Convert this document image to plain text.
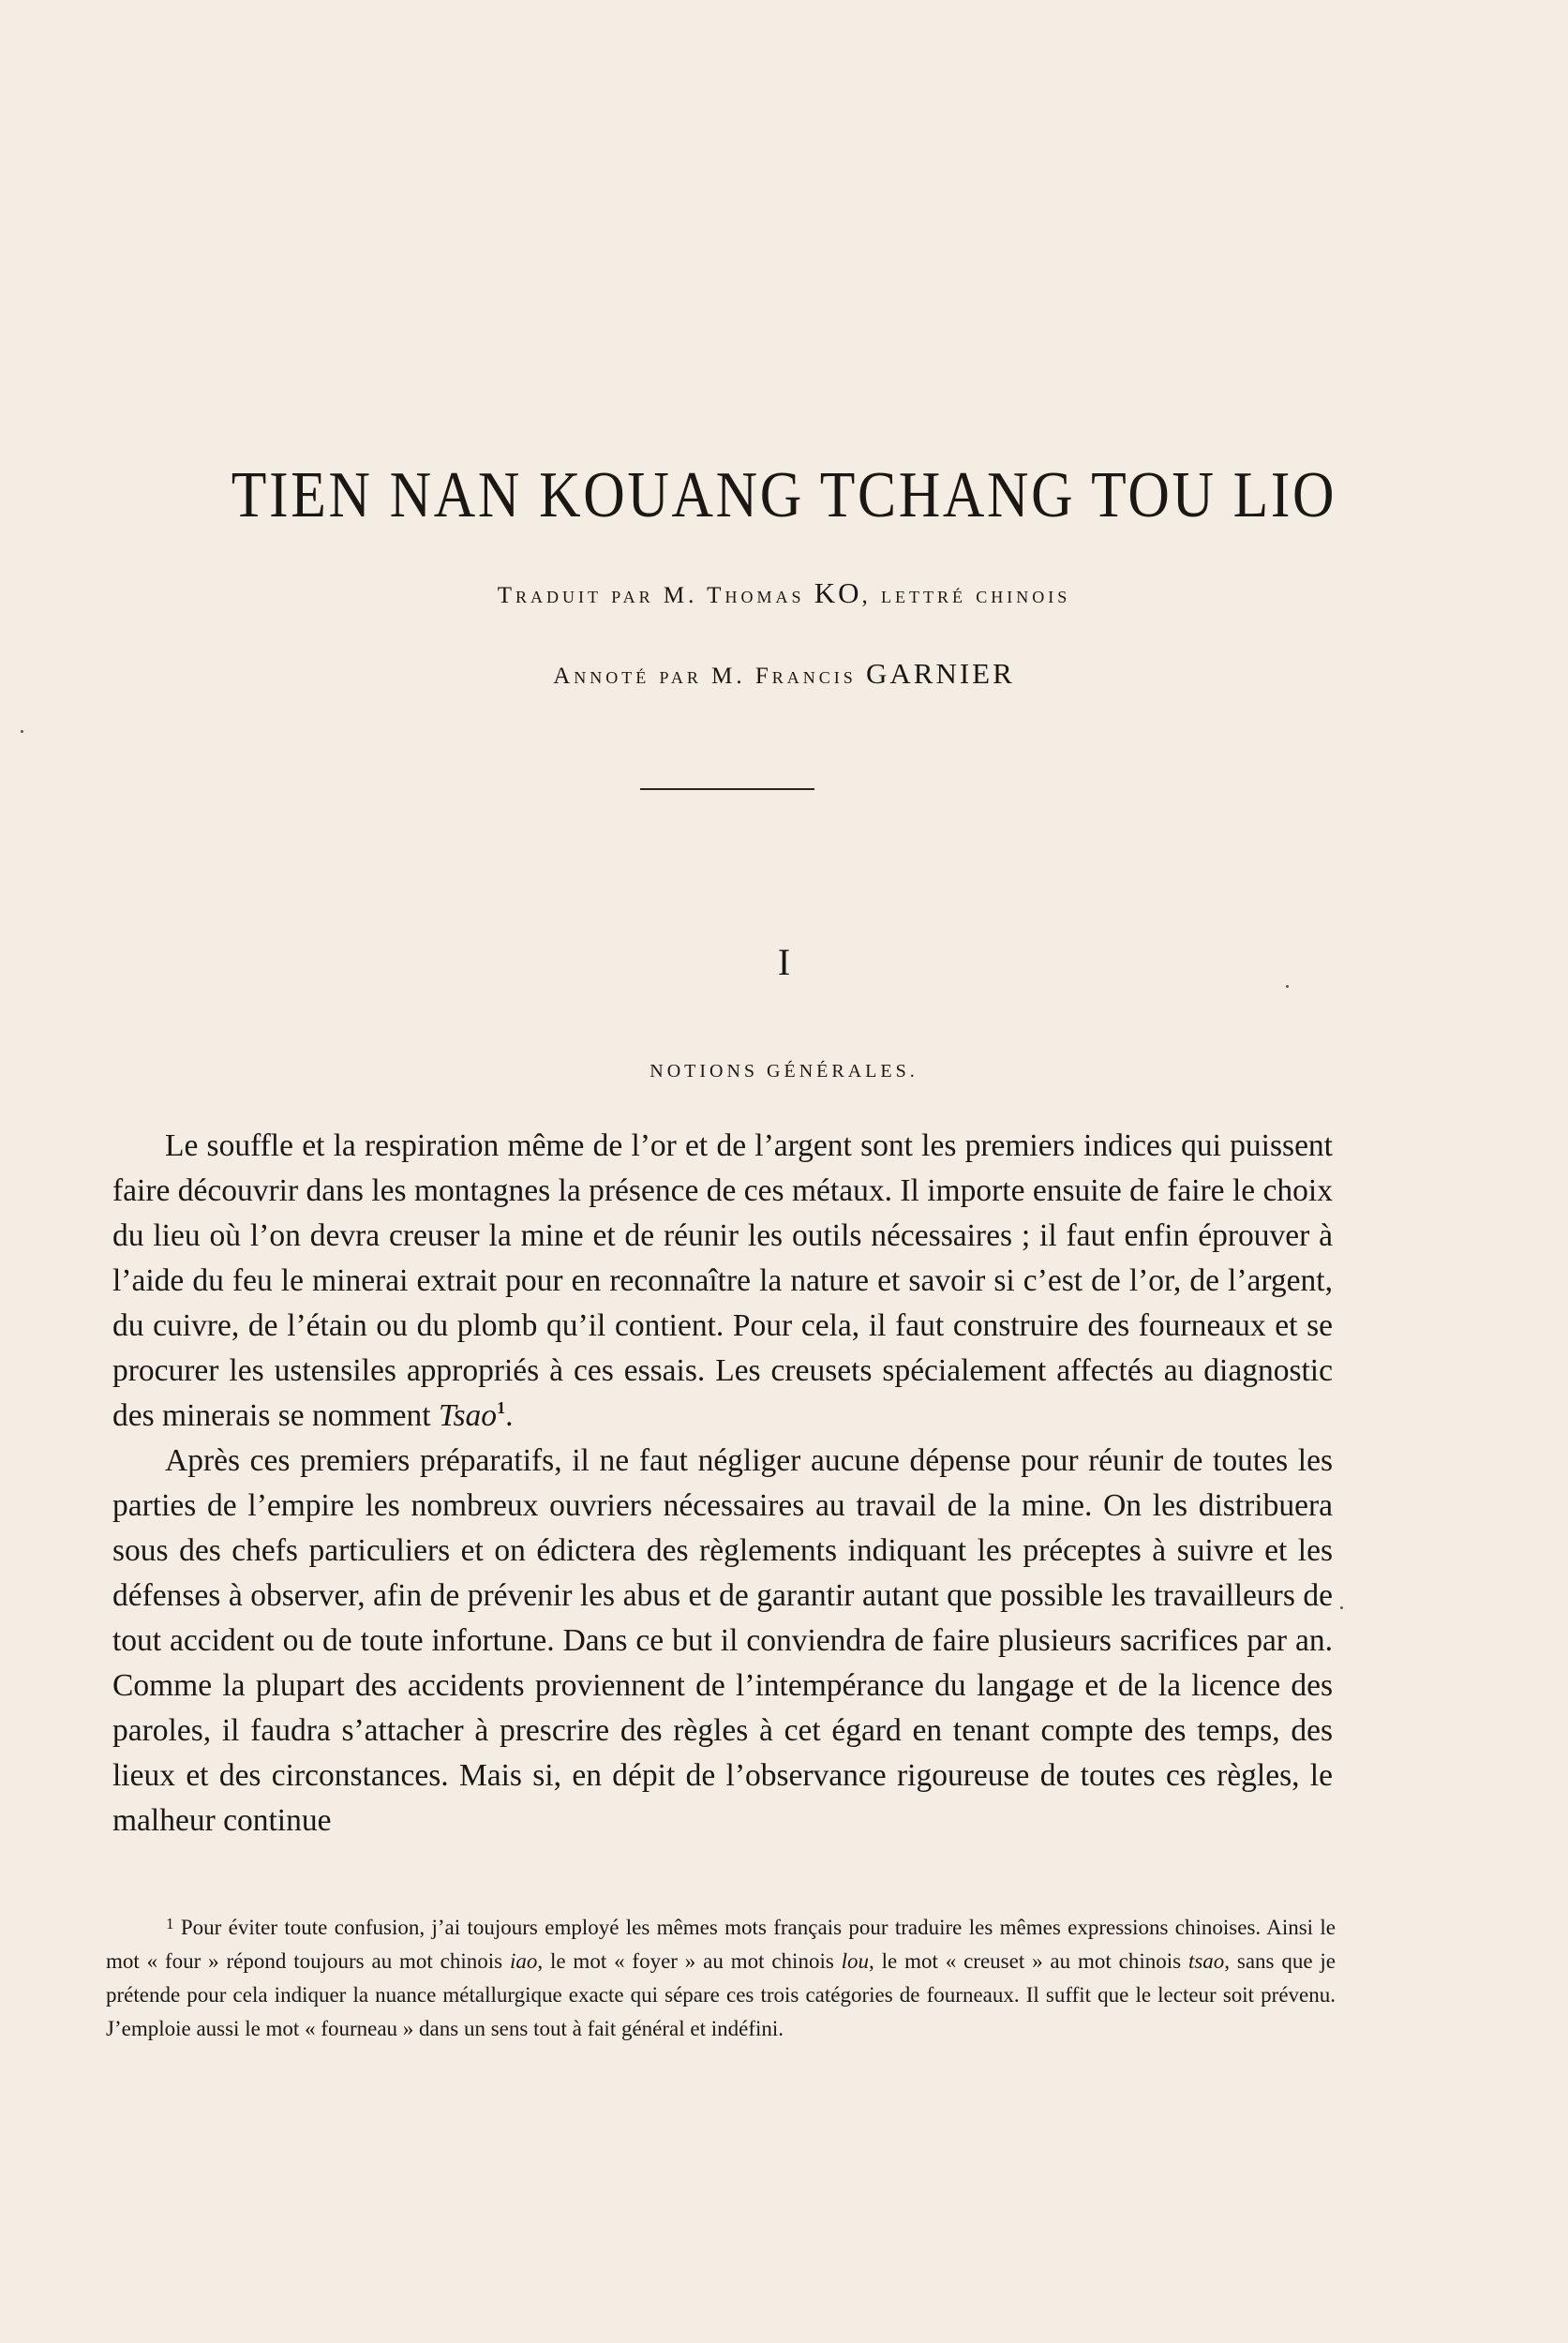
TIEN NAN KOUANG TCHANG TOU LIO
Traduit par M. Thomas KO, lettré chinois
Annoté par M. Francis GARNIER
I
NOTIONS GÉNÉRALES.

Le souffle et la respiration même de l’or et de l’argent sont les premiers indices qui puissent faire découvrir dans les montagnes la présence de ces métaux. Il importe ensuite de faire le choix du lieu où l’on devra creuser la mine et de réunir les outils nécessaires ; il faut enfin éprouver à l’aide du feu le minerai extrait pour en reconnaître la nature et savoir si c’est de l’or, de l’argent, du cuivre, de l’étain ou du plomb qu’il contient. Pour cela, il faut construire des fourneaux et se procurer les ustensiles appropriés à ces essais. Les creusets spécialement affectés au diagnostic des minerais se nomment Tsao$^1$.

Après ces premiers préparatifs, il ne faut négliger aucune dépense pour réunir de toutes les parties de l’empire les nombreux ouvriers nécessaires au travail de la mine. On les distribuera sous des chefs particuliers et on édictera des règlements indiquant les préceptes à suivre et les défenses à observer, afin de prévenir les abus et de garantir autant que possible les travailleurs de tout accident ou de toute infortune. Dans ce but il conviendra de faire plusieurs sacrifices par an. Comme la plupart des accidents proviennent de l’intempérance du langage et de la licence des paroles, il faudra s’attacher à prescrire des règles à cet égard en tenant compte des temps, des lieux et des circonstances. Mais si, en dépit de l’observance rigoureuse de toutes ces règles, le malheur continue

$^1$ Pour éviter toute confusion, j’ai toujours employé les mêmes mots français pour traduire les mêmes expressions chinoises. Ainsi le mot « four » répond toujours au mot chinois iao, le mot « foyer » au mot chinois lou, le mot « creuset » au mot chinois tsao, sans que je prétende pour cela indiquer la nuance métallurgique exacte qui sépare ces trois catégories de fourneaux. Il suffit que le lecteur soit prévenu. J’emploie aussi le mot « fourneau » dans un sens tout à fait général et indéfini.
